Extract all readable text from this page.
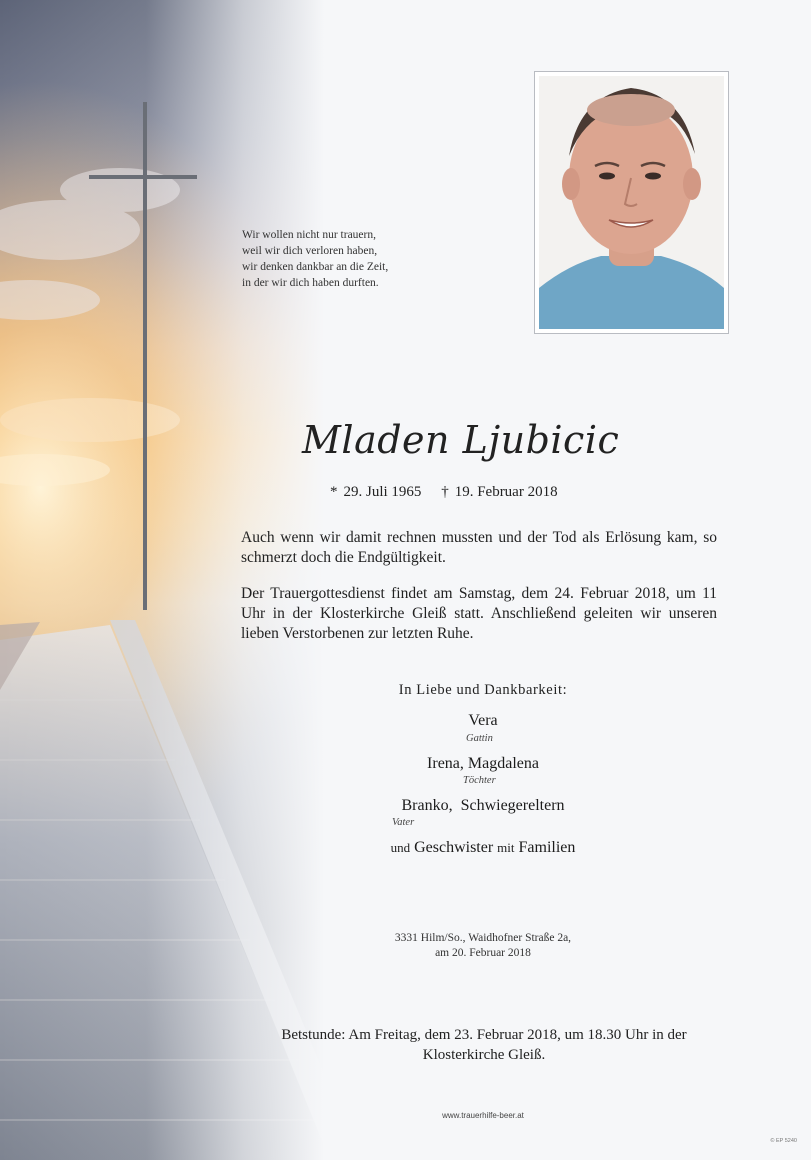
Wir wollen nicht nur trauern,
weil wir dich verloren haben,
wir denken dankbar an die Zeit,
in der wir dich haben durften.
Mladen Ljubicic
* 29. Juli 1965 † 19. Februar 2018
Auch wenn wir damit rechnen mussten und der Tod als Erlösung kam, so schmerzt doch die Endgültigkeit.
Der Trauergottesdienst findet am Samstag, dem 24. Februar 2018, um 11 Uhr in der Klosterkirche Gleiß statt. Anschließend geleiten wir unseren lieben Verstorbenen zur letzten Ruhe.
In Liebe und Dankbarkeit:
Vera
Gattin
Irena, Magdalena
Töchter
Branko, Schwiegereltern
Vater
und Geschwister mit Familien
3331 Hilm/So., Waidhofner Straße 2a,
am 20. Februar 2018
Betstunde: Am Freitag, dem 23. Februar 2018, um 18.30 Uhr in der
Klosterkirche Gleiß.
www.trauerhilfe-beer.at
© EP 5240
